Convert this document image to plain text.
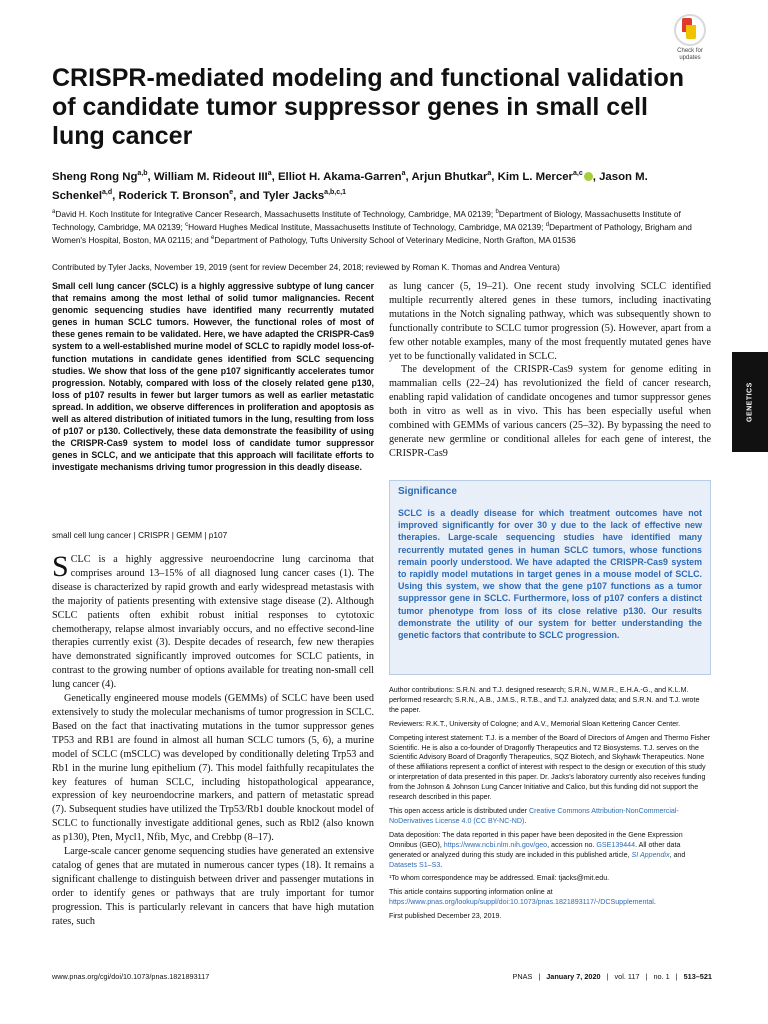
Check for
updates
CRISPR-mediated modeling and functional validation of candidate tumor suppressor genes in small cell lung cancer
Sheng Rong Ng$^{a,b}$, William M. Rideout III$^a$, Elliot H. Akama-Garren$^a$, Arjun Bhutkar$^a$, Kim L. Mercer$^{a,c}$ , Jason M. Schenkel$^{a,d}$, Roderick T. Bronson$^e$, and Tyler Jacks$^{a,b,c,1}$
$^a$David H. Koch Institute for Integrative Cancer Research, Massachusetts Institute of Technology, Cambridge, MA 02139; $^b$Department of Biology, Massachusetts Institute of Technology, Cambridge, MA 02139; $^c$Howard Hughes Medical Institute, Massachusetts Institute of Technology, Cambridge, MA 02139; $^d$Department of Pathology, Brigham and Women's Hospital, Boston, MA 02115; and $^e$Department of Pathology, Tufts University School of Veterinary Medicine, North Grafton, MA 01536
Contributed by Tyler Jacks, November 19, 2019 (sent for review December 24, 2018; reviewed by Roman K. Thomas and Andrea Ventura)

Small cell lung cancer (SCLC) is a highly aggressive subtype of lung cancer that remains among the most lethal of solid tumor malignancies. Recent genomic sequencing studies have identified many recurrently mutated genes in human SCLC tumors. However, the functional roles of most of these genes remain to be validated. Here, we have adapted the CRISPR-Cas9 system to a well-established murine model of SCLC to rapidly model loss-of-function mutations in candidate genes identified from SCLC sequencing studies. We show that loss of the gene p107 significantly accelerates tumor progression. Notably, compared with loss of the closely related gene p130, loss of p107 results in fewer but larger tumors as well as earlier metastatic spread. In addition, we observe differences in proliferation and apoptosis as well as altered distribution of initiated tumors in the lung, resulting from loss of p107 or p130. Collectively, these data demonstrate the feasibility of using the CRISPR-Cas9 system to model loss of candidate tumor suppressor genes in SCLC, and we anticipate that this approach will facilitate efforts to investigate mechanisms driving tumor progression in this deadly disease.

small cell lung cancer | CRISPR | GEMM | p107

SCLC is a highly aggressive neuroendocrine lung carcinoma that comprises around 13–15% of all diagnosed lung cancer cases (1). The disease is characterized by rapid growth and early widespread metastasis with the majority of patients presenting with extensive stage disease (2). Although SCLC patients often exhibit robust initial responses to cytotoxic chemotherapy, relapse almost invariably occurs, and no effective second-line therapies currently exist (3). Despite decades of research, few new therapies have demonstrated significantly improved outcomes for SCLC patients, in contrast to the growing number of options available for treating non-small cell lung cancer (4).

Genetically engineered mouse models (GEMMs) of SCLC have been used extensively to study the molecular mechanisms of tumor progression in SCLC. Based on the fact that inactivating mutations in the tumor suppressor genes TP53 and RB1 are found in almost all human SCLC tumors (5, 6), a murine model of SCLC (mSCLC) was developed by conditionally deleting Trp53 and Rb1 in the murine lung epithelium (7). This model faithfully recapitulates the key features of human SCLC, including histopathological appearance, expression of key neuroendocrine markers, and pattern of metastatic spread (7). Subsequent studies have utilized the Trp53/Rb1 double knockout model of SCLC to functionally investigate additional genes, such as Rbl2 (also known as p130), Pten, Mycl1, Nfib, Myc, and Crebbp (8–17).

Large-scale cancer genome sequencing studies have generated an extensive catalog of genes that are mutated in numerous cancer types (18). It remains a significant challenge to distinguish between driver and passenger mutations in order to identify genes or pathways that are truly important for tumor progression. This is particularly relevant in cancers that have high mutation rates, such

as lung cancer (5, 19–21). One recent study involving SCLC identified multiple recurrently altered genes in these tumors, including inactivating mutations in the Notch signaling pathway, which was subsequently shown to functionally contribute to SCLC tumor progression (5). However, apart from a few other notable examples, many of the most frequently mutated genes have yet to be functionally validated in SCLC.

The development of the CRISPR-Cas9 system for genome editing in mammalian cells (22–24) has revolutionized the field of cancer research, enabling rapid validation of candidate oncogenes and tumor suppressor genes both in vitro as well as in vivo. This has been especially useful when combined with GEMMs of various cancers (25–32). By bypassing the need to generate new germline or conditional alleles for each gene of interest, the CRISPR-Cas9

Significance
SCLC is a deadly disease for which treatment outcomes have not improved significantly for over 30 y due to the lack of effective new therapies. Large-scale sequencing studies have identified many recurrently mutated genes in human SCLC tumors, whose functions remain poorly understood. We have adapted the CRISPR-Cas9 system to rapidly model mutations in target genes in a mouse model of SCLC. Using this system, we show that the gene p107 functions as a tumor suppressor gene in SCLC. Furthermore, loss of p107 confers a distinct tumor phenotype from loss of its close relative p130. Our results demonstrate the utility of our system for better understanding the genetic factors that contribute to SCLC progression.

Author contributions: S.R.N. and T.J. designed research; S.R.N., W.M.R., E.H.A.-G., and K.L.M. performed research; S.R.N., A.B., J.M.S., R.T.B., and T.J. analyzed data; and S.R.N. and T.J. wrote the paper.

Reviewers: R.K.T., University of Cologne; and A.V., Memorial Sloan Kettering Cancer Center.

Competing interest statement: T.J. is a member of the Board of Directors of Amgen and Thermo Fisher Scientific. He is also a co-founder of Dragonfly Therapeutics and T2 Biosystems. T.J. serves on the Scientific Advisory Board of Dragonfly Therapeutics, SQZ Biotech, and Skyhawk Therapeutics. None of these affiliations represent a conflict of interest with respect to the design or execution of this study or interpretation of data presented in this paper. Dr. Jacks's laboratory currently also receives funding from the Johnson & Johnson Lung Cancer Initiative and Calico, but this funding did not support the research described in this paper.

This open access article is distributed under Creative Commons Attribution-NonCommercial-NoDerivatives License 4.0 (CC BY-NC-ND).

Data deposition: The data reported in this paper have been deposited in the Gene Expression Omnibus (GEO), https://www.ncbi.nlm.nih.gov/geo, accession no. GSE139444. All other data generated or analyzed during this study are included in this published article, SI Appendix, and Datasets S1–S3.

¹To whom correspondence may be addressed. Email: tjacks@mit.edu.

This article contains supporting information online at https://www.pnas.org/lookup/suppl/doi:10.1073/pnas.1821893117/-/DCSupplemental.

First published December 23, 2019.

GENETICS
www.pnas.org/cgi/doi/10.1073/pnas.1821893117	PNAS | January 7, 2020 | vol. 117 | no. 1 | 513–521
